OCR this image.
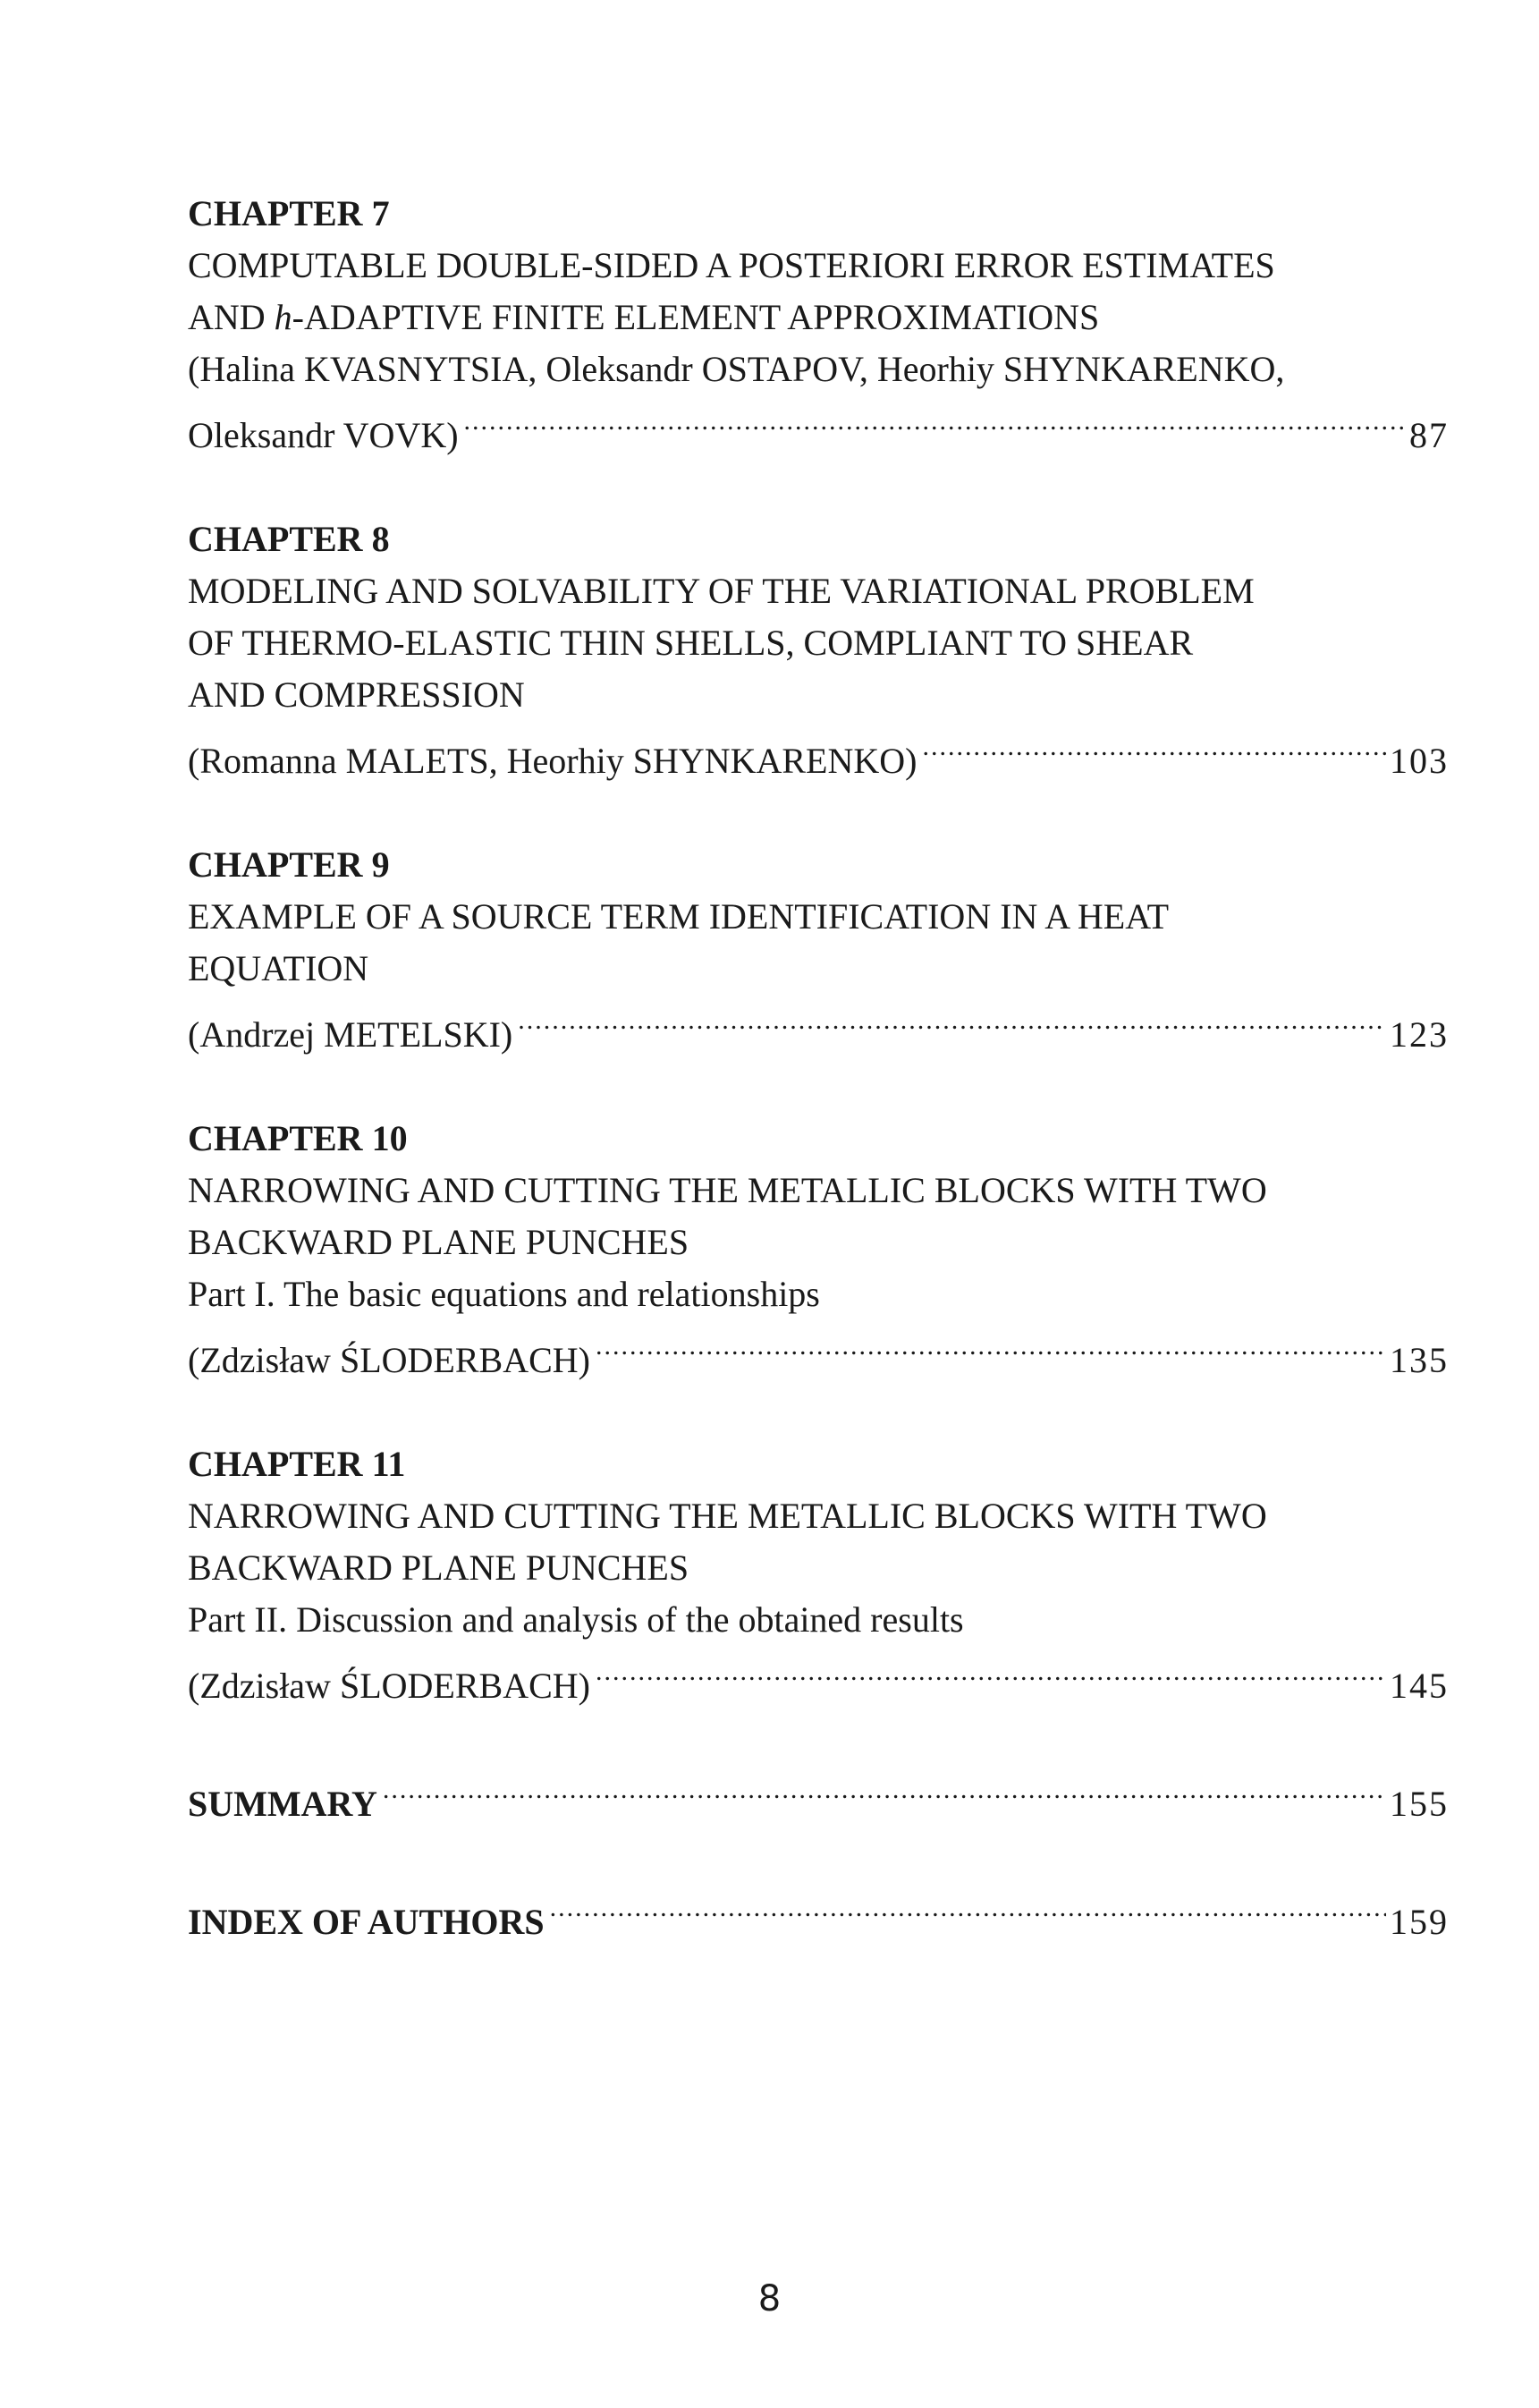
CHAPTER 7
COMPUTABLE DOUBLE-SIDED A POSTERIORI ERROR ESTIMATES
AND h-ADAPTIVE FINITE ELEMENT APPROXIMATIONS
(Halina KVASNYTSIA, Oleksandr OSTAPOV, Heorhiy SHYNKARENKO,
Oleksandr VOVK) .....	87
CHAPTER 8
MODELING AND SOLVABILITY OF THE VARIATIONAL PROBLEM
OF THERMO-ELASTIC THIN SHELLS, COMPLIANT TO SHEAR
AND COMPRESSION
(Romanna MALETS, Heorhiy SHYNKARENKO) .....	103
CHAPTER 9
EXAMPLE OF A SOURCE TERM IDENTIFICATION IN A HEAT
EQUATION
(Andrzej METELSKI) .....	123
CHAPTER 10
NARROWING AND CUTTING THE METALLIC BLOCKS WITH TWO
BACKWARD PLANE PUNCHES
Part I. The basic equations and relationships
(Zdzisław ŚLODERBACH) .....	135
CHAPTER 11
NARROWING AND CUTTING THE METALLIC BLOCKS WITH TWO
BACKWARD PLANE PUNCHES
Part II. Discussion and analysis of the obtained results
(Zdzisław ŚLODERBACH) .....	145
SUMMARY .....	155
INDEX OF AUTHORS .....	159
8
